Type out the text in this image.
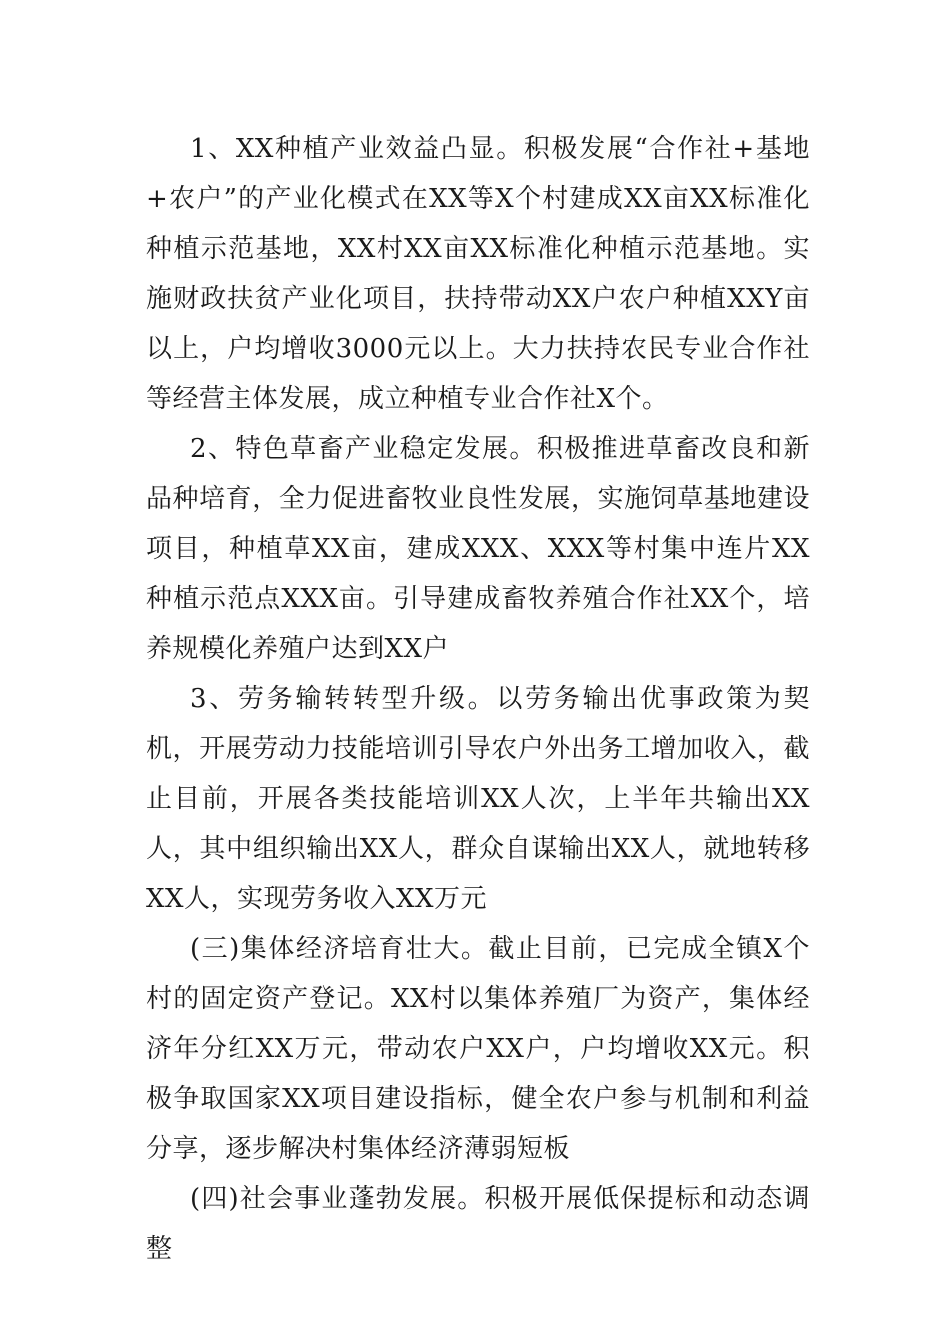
1、XX种植产业效益凸显。积极发展“合作社+基地+农户”的产业化模式在XX等X个村建成XX亩XX标准化种植示范基地，XX村XX亩XX标准化种植示范基地。实施财政扶贫产业化项目，扶持带动XX户农户种植XXY亩以上，户均增收3000元以上。大力扶持农民专业合作社等经营主体发展，成立种植专业合作社X个。

2、特色草畜产业稳定发展。积极推进草畜改良和新品种培育，全力促进畜牧业良性发展，实施饲草基地建设项目，种植草XX亩，建成XXX、XXX等村集中连片XX种植示范点XXX亩。引导建成畜牧养殖合作社XX个，培养规模化养殖户达到XX户

3、劳务输转转型升级。以劳务输出优事政策为契机，开展劳动力技能培训引导农户外出务工增加收入，截止目前，开展各类技能培训XX人次，上半年共输出XX人，其中组织输出XX人，群众自谋输出XX人，就地转移XX人，实现劳务收入XX万元

(三)集体经济培育壮大。截止目前，已完成全镇X个村的固定资产登记。XX村以集体养殖厂为资产，集体经济年分红XX万元，带动农户XX户，户均增收XX元。积极争取国家XX项目建设指标，健全农户参与机制和利益分享，逐步解决村集体经济薄弱短板

(四)社会事业蓬勃发展。积极开展低保提标和动态调整
